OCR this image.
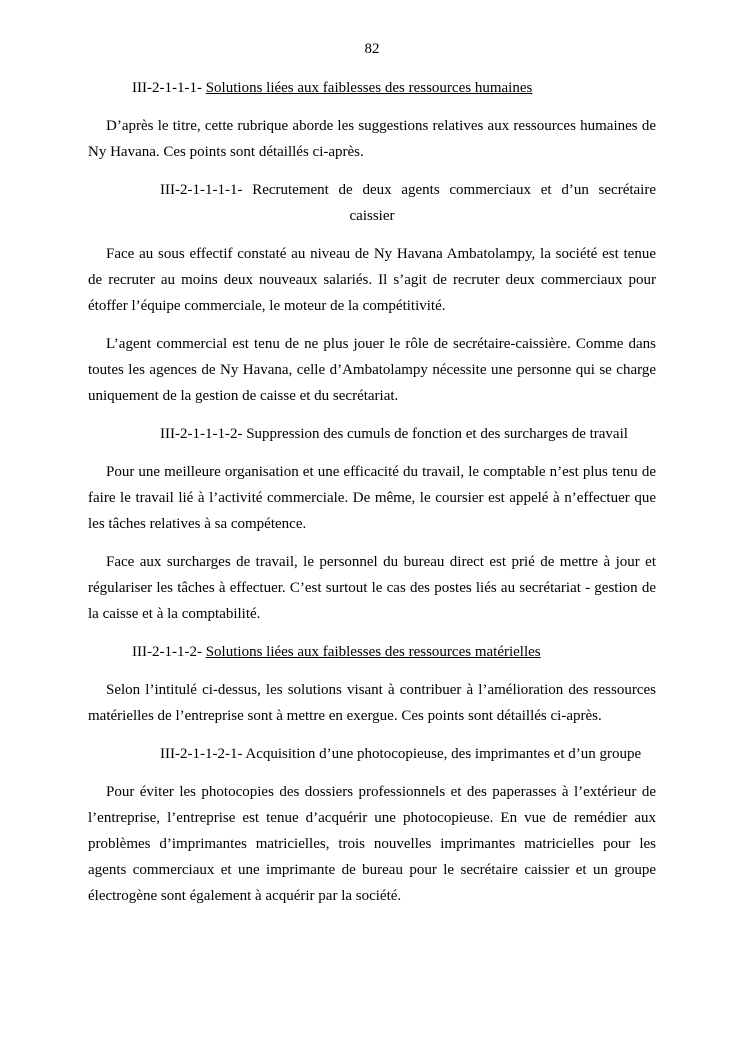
82
III-2-1-1-1- Solutions liées aux faiblesses des ressources humaines
D’après le titre, cette rubrique aborde les suggestions relatives aux ressources humaines de Ny Havana. Ces points sont détaillés ci-après.
III-2-1-1-1-1- Recrutement de deux agents commerciaux et d’un secrétaire caissier
Face au sous effectif constaté au niveau de Ny Havana Ambatolampy, la société est tenue de recruter au moins deux nouveaux salariés. Il s’agit de recruter deux commerciaux pour étoffer l’équipe commerciale, le moteur de la compétitivité.
L’agent commercial est tenu de ne plus jouer le rôle de secrétaire-caissière. Comme dans toutes les agences de Ny Havana, celle d’Ambatolampy nécessite une personne qui se charge uniquement de la gestion de caisse et du secrétariat.
III-2-1-1-1-2- Suppression des cumuls de fonction et des surcharges de travail
Pour une meilleure organisation et une efficacité du travail, le comptable n’est plus tenu de faire le travail lié à l’activité commerciale. De même, le coursier est appelé à n’effectuer que les tâches relatives à sa compétence.
Face aux surcharges de travail, le personnel du bureau direct est prié de mettre à jour et régulariser les tâches à effectuer. C’est surtout le cas des postes liés au secrétariat - gestion de la caisse et à la comptabilité.
III-2-1-1-2- Solutions liées aux faiblesses des ressources matérielles
Selon l’intitulé ci-dessus, les solutions visant à contribuer à l’amélioration des ressources matérielles de l’entreprise sont à mettre en exergue. Ces points sont détaillés ci-après.
III-2-1-1-2-1- Acquisition d’une photocopieuse, des imprimantes et d’un groupe
Pour éviter les photocopies des dossiers professionnels et des paperasses à l’extérieur de l’entreprise, l’entreprise est tenue d’acquérir une photocopieuse. En vue de remédier aux problèmes d’imprimantes matricielles, trois nouvelles imprimantes matricielles pour les agents commerciaux et une imprimante de bureau pour le secrétaire caissier et un groupe électrogène sont également à acquérir par la société.
